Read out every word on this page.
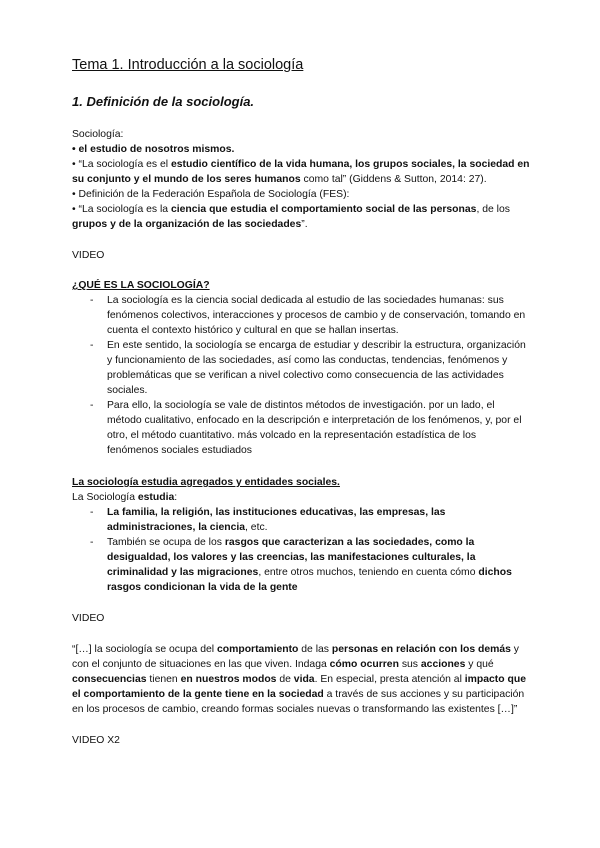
Tema 1. Introducción a la sociología
1. Definición de la sociología.

Sociología:

• el estudio de nosotros mismos.

• “La sociología es el estudio científico de la vida humana, los grupos sociales, la sociedad en su conjunto y el mundo de los seres humanos como tal” (Giddens & Sutton, 2014: 27).

• Definición de la Federación Española de Sociología (FES):

• “La sociología es la ciencia que estudia el comportamiento social de las personas, de los grupos y de la organización de las sociedades”.

VIDEO

¿QUÉ ES LA SOCIOLOGÍA?

- La sociología es la ciencia social dedicada al estudio de las sociedades humanas: sus fenómenos colectivos, interacciones y procesos de cambio y de conservación, tomando en cuenta el contexto histórico y cultural en que se hallan insertas.
- En este sentido, la sociología se encarga de estudiar y describir la estructura, organización y funcionamiento de las sociedades, así como las conductas, tendencias, fenómenos y problemáticas que se verifican a nivel colectivo como consecuencia de las actividades sociales.
- Para ello, la sociología se vale de distintos métodos de investigación. por un lado, el método cualitativo, enfocado en la descripción e interpretación de los fenómenos, y, por el otro, el método cuantitativo. más volcado en la representación estadística de los fenómenos sociales estudiados

La sociología estudia agregados y entidades sociales.

La Sociología estudia:

- La familia, la religión, las instituciones educativas, las empresas, las administraciones, la ciencia, etc.
- También se ocupa de los rasgos que caracterizan a las sociedades, como la desigualdad, los valores y las creencias, las manifestaciones culturales, la criminalidad y las migraciones, entre otros muchos, teniendo en cuenta cómo dichos rasgos condicionan la vida de la gente

VIDEO

“[…] la sociología se ocupa del comportamiento de las personas en relación con los demás y con el conjunto de situaciones en las que viven. Indaga cómo ocurren sus acciones y qué consecuencias tienen en nuestros modos de vida. En especial, presta atención al impacto que el comportamiento de la gente tiene en la sociedad a través de sus acciones y su participación en los procesos de cambio, creando formas sociales nuevas o transformando las existentes […]”

VIDEO X2
